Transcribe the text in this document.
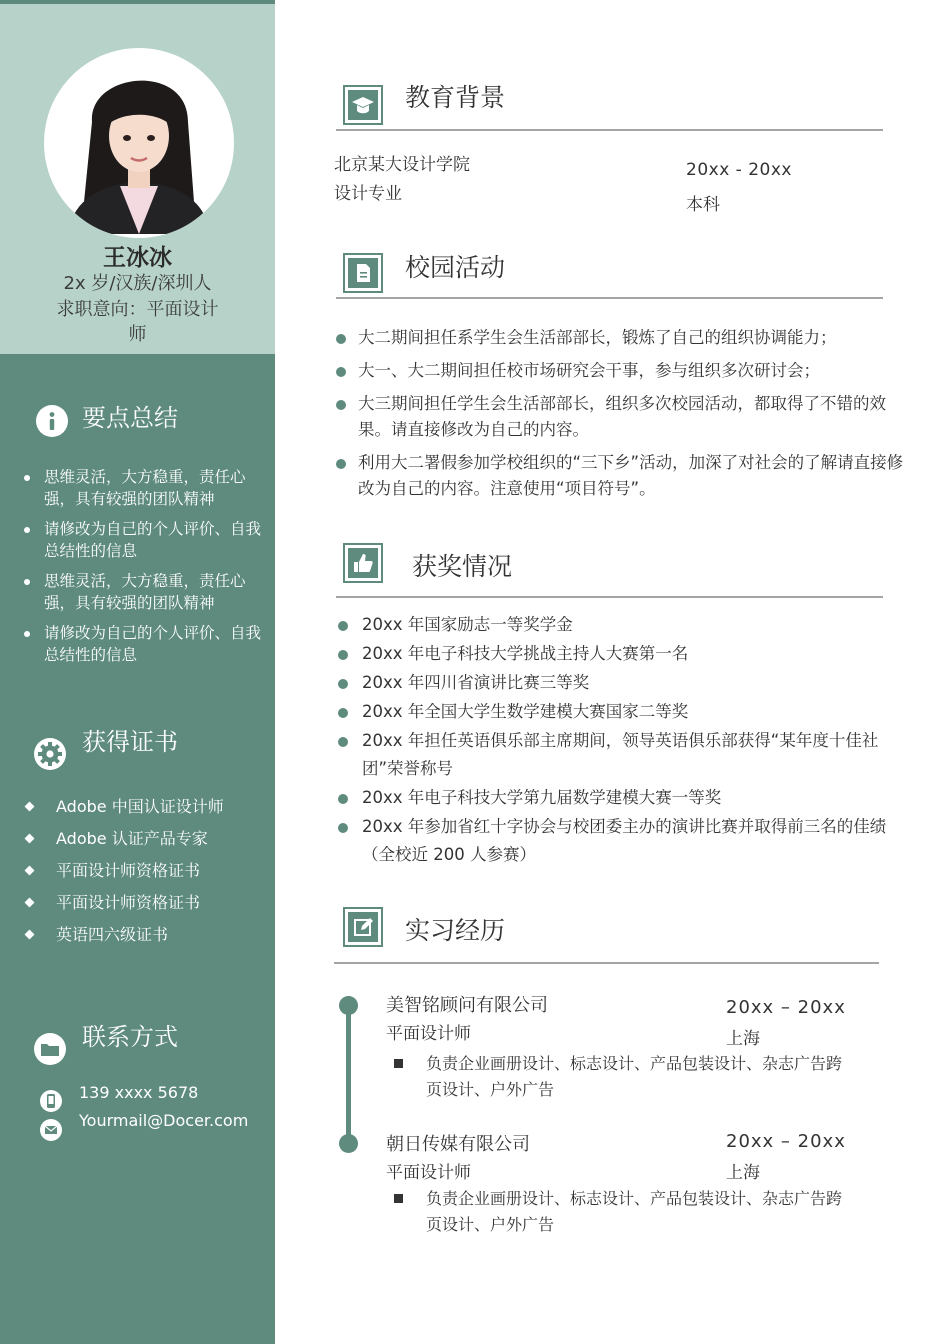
王冰冰
2x 岁/汉族/深圳人
求职意向：平面设计师
要点总结
思维灵活，大方稳重，责任心强，具有较强的团队精神
请修改为自己的个人评价、自我总结性的信息
思维灵活，大方稳重，责任心强，具有较强的团队精神
请修改为自己的个人评价、自我总结性的信息
获得证书
Adobe 中国认证设计师
Adobe 认证产品专家
平面设计师资格证书
平面设计师资格证书
英语四六级证书
联系方式
139 xxxx 5678
Yourmail@Docer.com
教育背景
北京某大设计学院
设计专业
20xx - 20xx
本科
校园活动
大二期间担任系学生会生活部部长，锻炼了自己的组织协调能力；
大一、大二期间担任校市场研究会干事，参与组织多次研讨会；
大三期间担任学生会生活部部长，组织多次校园活动，都取得了不错的效果。请直接修改为自己的内容。
利用大二署假参加学校组织的“三下乡”活动，加深了对社会的了解请直接修改为自己的内容。注意使用“项目符号”。
获奖情况
20xx 年国家励志一等奖学金
20xx 年电子科技大学挑战主持人大赛第一名
20xx 年四川省演讲比赛三等奖
20xx 年全国大学生数学建模大赛国家二等奖
20xx 年担任英语俱乐部主席期间，领导英语俱乐部获得“某年度十佳社团”荣誉称号
20xx 年电子科技大学第九届数学建模大赛一等奖
20xx 年参加省红十字协会与校团委主办的演讲比赛并取得前三名的佳绩（全校近 200 人参赛）
实习经历
美智铭顾问有限公司
平面设计师
20xx – 20xx
上海
负责企业画册设计、标志设计、产品包装设计、杂志广告跨页设计、户外广告
朝日传媒有限公司
平面设计师
20xx – 20xx
上海
负责企业画册设计、标志设计、产品包装设计、杂志广告跨页设计、户外广告
